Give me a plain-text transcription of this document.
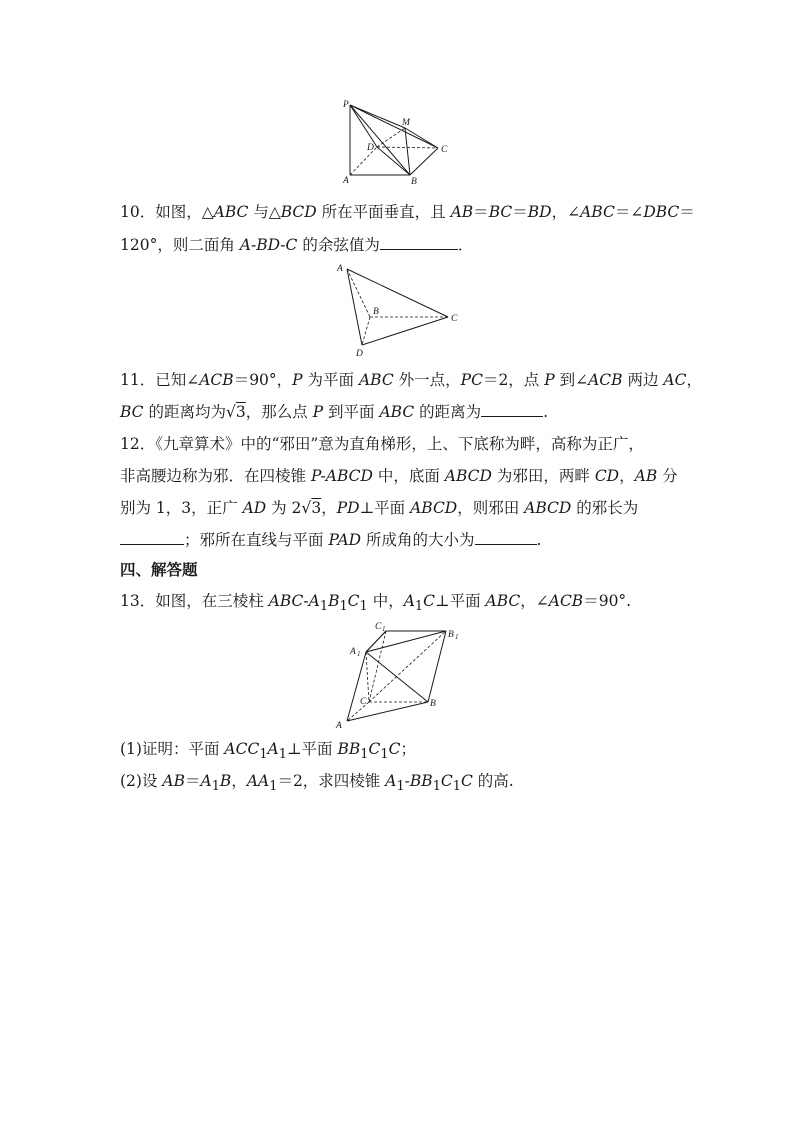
P
M
D	C
A	B
10．如图，△ABC 与△BCD 所在平面垂直，且 AB＝BC＝BD，∠ABC＝∠DBC＝
120°，则二面角 A-BD-C 的余弦值为	．
A
B
C
D
11．已知∠ACB＝90°，P 为平面 ABC 外一点，PC＝2，点 P 到∠ACB 两边 AC，
BC 的距离均为√3，那么点 P 到平面 ABC 的距离为	.
12．《九章算术》中的“邪田”意为直角梯形，上、下底称为畔，高称为正广，
非高腰边称为邪．在四棱锥 P-ABCD 中，底面 ABCD 为邪田，两畔 CD，AB 分
别为 1，3，正广 AD 为 2√3，PD⊥平面 ABCD，则邪田 ABCD 的邪长为
；邪所在直线与平面 PAD 所成角的大小为	.
四、解答题
13．如图，在三棱柱 ABC-$A_1B_1C_1$ 中，$A_1C\perp$平面 ABC，∠ACB＝90°.
C 1
B 1
A 1
C
A
B
(1)证明：平面 $ACC_1A_1\perp$平面 $BB_1C_1C$；
(2)设 $AB=A_1B$，$AA_1=2$，求四棱锥 $A_1-BB_1C_1C$ 的高.
